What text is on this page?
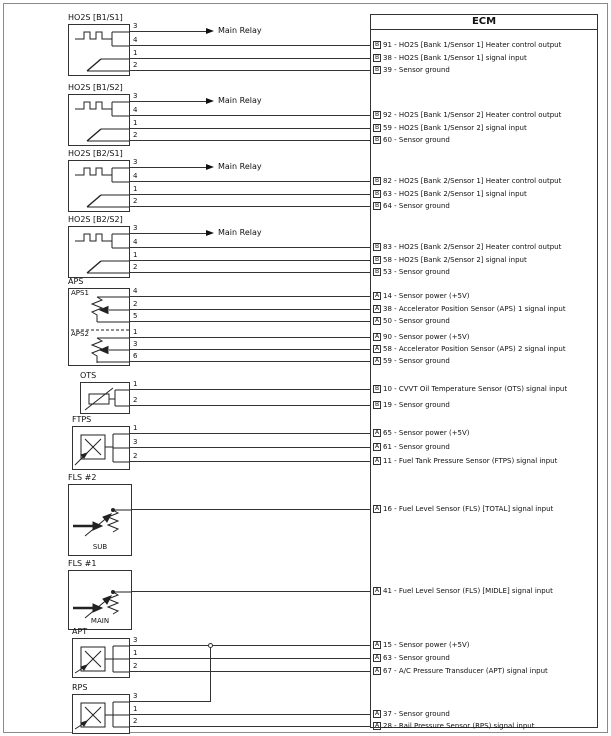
ECM
HO2S [B1/S1]
3	Main Relay
4
B 91 - HO2S [Bank 1/Sensor 1] Heater control output
1
B 38 - HO2S [Bank 1/Sensor 1] signal input
2
B 39 - Sensor ground
HO2S [B1/S2]
3	Main Relay
4
B 92 - HO2S [Bank 1/Sensor 2] Heater control output
1
B 59 - HO2S [Bank 1/Sensor 2] signal input
2
B 60 - Sensor ground
HO2S [B2/S1]
3	Main Relay
4
B 82 - HO2S [Bank 2/Sensor 1] Heater control output
1
B 63 - HO2S [Bank 2/Sensor 1] signal input
2
B 64 - Sensor ground
HO2S [B2/S2]
3	Main Relay
4
B 83 - HO2S [Bank 2/Sensor 2] Heater control output
1
B 58 - HO2S [Bank 2/Sensor 2] signal input
2
B 53 - Sensor ground
APS
APS1
APS2
4
A 14 - Sensor power (+5V)
2
A 38 - Accelerator Position Sensor (APS) 1 signal input
5
A 50 - Sensor ground
1
A 90 - Sensor power (+5V)
3
A 58 - Accelerator Position Sensor (APS) 2 signal input
6
A 59 - Sensor ground
OTS
1
B 10 - CVVT Oil Temperature Sensor (OTS) signal input
2
B 19 - Sensor ground
FTPS
1
A 65 - Sensor power (+5V)
3
A 61 - Sensor ground
2
A 11 - Fuel Tank Pressure Sensor (FTPS) signal input
FLS #2
SUB
A 16 - Fuel Level Sensor (FLS) [TOTAL] signal input
FLS #1
MAIN
A 41 - Fuel Level Sensor (FLS) [MIDLE] signal input
APT
3
A 15 - Sensor power (+5V)
1
A 63 - Sensor ground
2
A 67 - A/C Pressure Transducer (APT) signal input
RPS
3
1
A 37 - Sensor ground
2
A 28 - Rail Pressure Sensor (RPS) signal input
